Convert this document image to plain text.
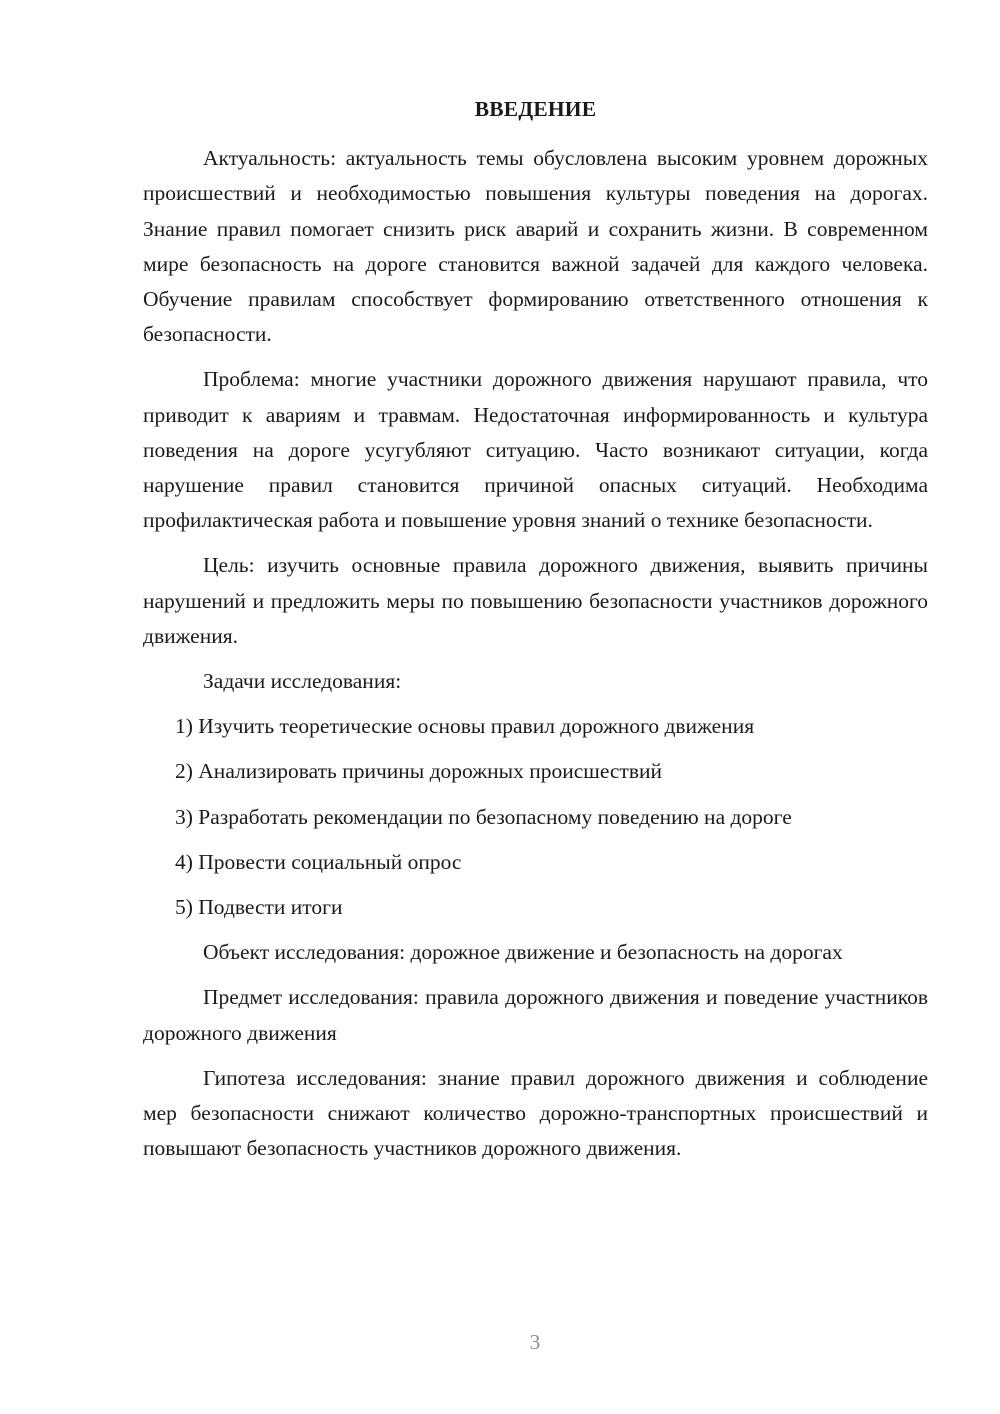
ВВЕДЕНИЕ

Актуальность: актуальность темы обусловлена высоким уровнем дорожных происшествий и необходимостью повышения культуры поведения на дорогах. Знание правил помогает снизить риск аварий и сохранить жизни. В современном мире безопасность на дороге становится важной задачей для каждого человека. Обучение правилам способствует формированию ответственного отношения к безопасности.

Проблема: многие участники дорожного движения нарушают правила, что приводит к авариям и травмам. Недостаточная информированность и культура поведения на дороге усугубляют ситуацию. Часто возникают ситуации, когда нарушение правил становится причиной опасных ситуаций. Необходима профилактическая работа и повышение уровня знаний о технике безопасности.

Цель: изучить основные правила дорожного движения, выявить причины нарушений и предложить меры по повышению безопасности участников дорожного движения.

Задачи исследования:

1) Изучить теоретические основы правил дорожного движения
2) Анализировать причины дорожных происшествий
3) Разработать рекомендации по безопасному поведению на дороге
4) Провести социальный опрос
5) Подвести итоги

Объект исследования: дорожное движение и безопасность на дорогах

Предмет исследования: правила дорожного движения и поведение участников дорожного движения

Гипотеза исследования: знание правил дорожного движения и соблюдение мер безопасности снижают количество дорожно-транспортных происшествий и повышают безопасность участников дорожного движения.

3
